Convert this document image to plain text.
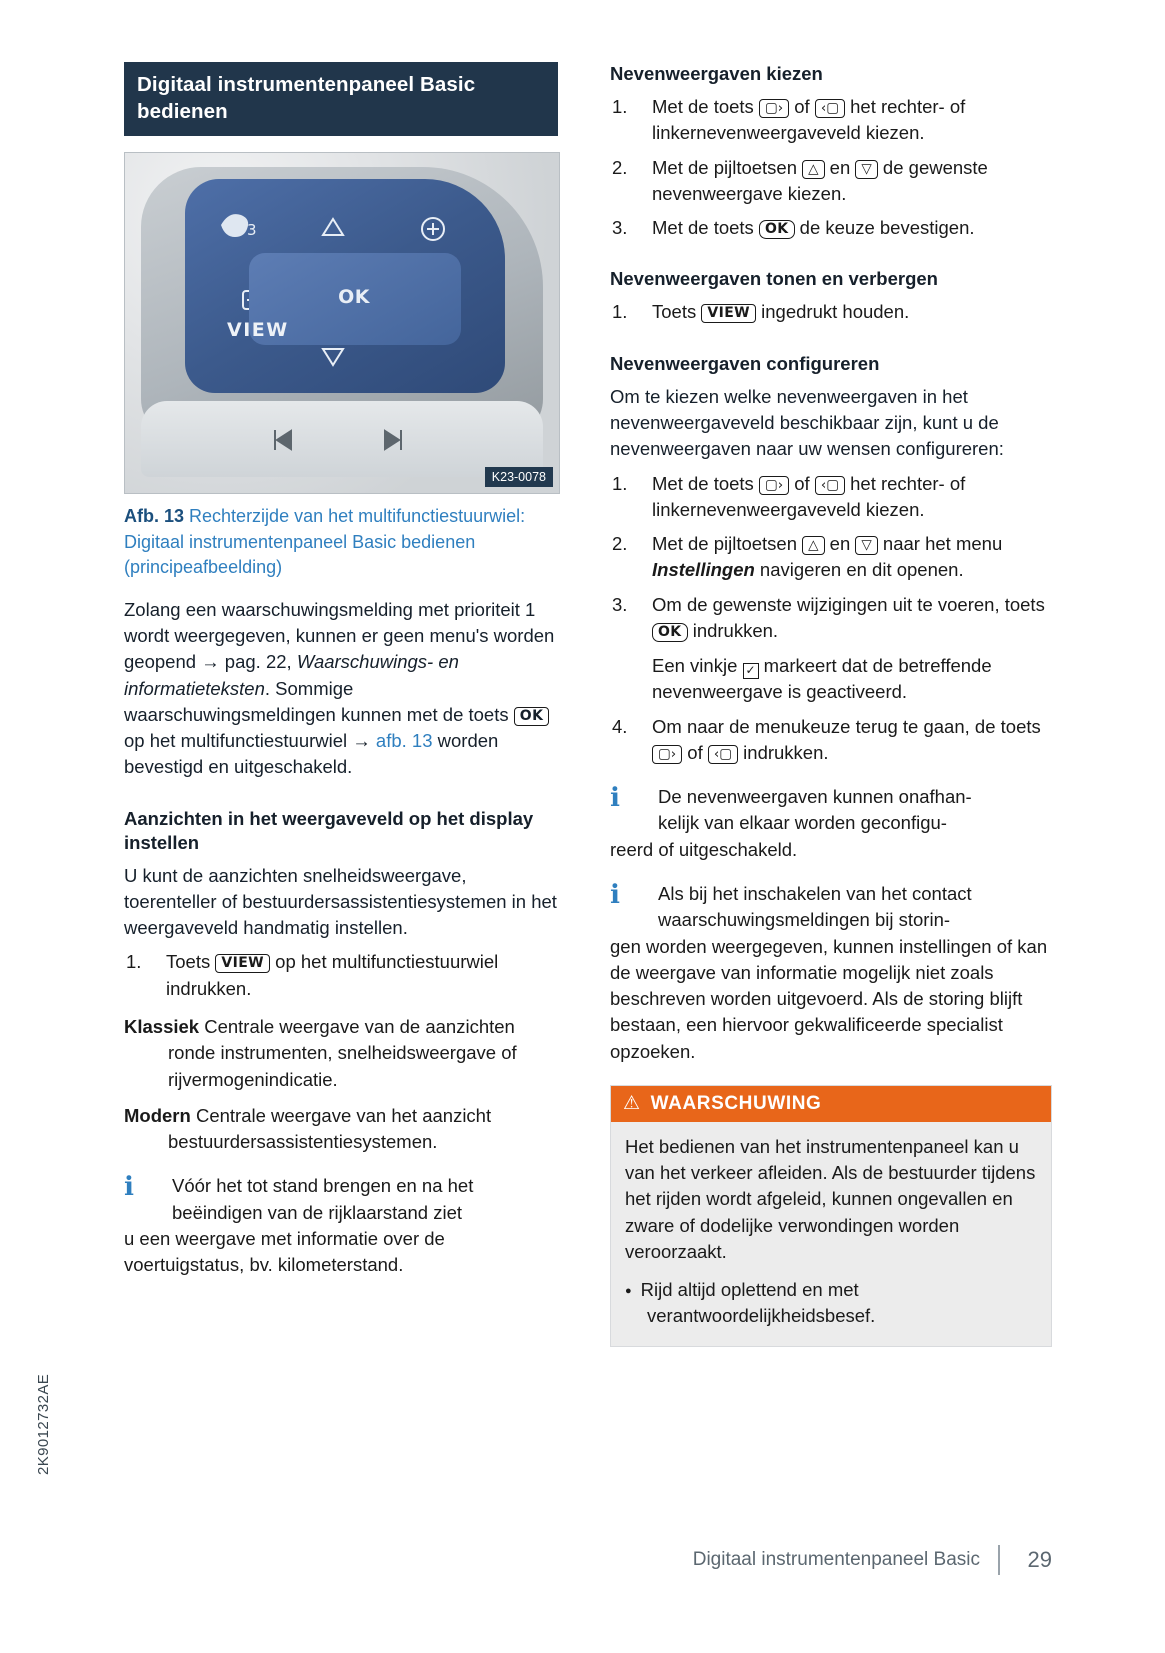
Digitaal instrumentenpaneel Basic bedienen
3
OK
VIEW
K23-0078
Afb. 13 Rechterzijde van het multifunctiestuurwiel: Digitaal instrumentenpaneel Basic bedienen (principeafbeelding)

Zolang een waarschuwingsmelding met prioriteit 1 wordt weergegeven, kunnen er geen menu's worden geopend → pag. 22, Waarschuwings- en informatieteksten. Sommige waarschuwingsmeldingen kunnen met de toets OK op het multifunctiestuurwiel → afb. 13 worden bevestigd en uitgeschakeld.

Aanzichten in het weergaveveld op het display instellen

U kunt de aanzichten snelheidsweergave, toerenteller of bestuurdersassistentiesystemen in het weergaveveld handmatig instellen.

Toets VIEW op het multifunctiestuurwiel indrukken.
Klassiek Centrale weergave van de aanzichten ronde instrumenten, snelheidsweergave of rijvermogenindicatie.
Modern Centrale weergave van het aanzicht bestuurdersassistentiesystemen.
ℹ	Vóór het tot stand brengen en na het

beëindigen van de rijklaarstand ziet

u een weergave met informatie over de voertuigstatus, bv. kilometerstand.

Nevenweergaven kiezen
Met de toets ▢› of ‹▢ het rechter- of linkernevenweergaveveld kiezen.
Met de pijltoetsen △ en ▽ de gewenste nevenweergave kiezen.
Met de toets OK de keuze bevestigen.
Nevenweergaven tonen en verbergen
Toets VIEW ingedrukt houden.
Nevenweergaven configureren

Om te kiezen welke nevenweergaven in het nevenweergaveveld beschikbaar zijn, kunt u de nevenweergaven naar uw wensen configureren:

Met de toets ▢› of ‹▢ het rechter- of linkernevenweergaveveld kiezen.
Met de pijltoetsen △ en ▽ naar het menu Instellingen navigeren en dit openen.
Om de gewenste wijzigingen uit te voeren, toets OK indrukken.
Een vinkje ✓ markeert dat de betreffende nevenweergave is geactiveerd.
Om naar de menukeuze terug te gaan, de toets ▢› of ‹▢ indrukken.
ℹ	De nevenweergaven kunnen onafhan-

kelijk van elkaar worden geconfigu-

reerd of uitgeschakeld.

ℹ	Als bij het inschakelen van het contact

waarschuwingsmeldingen bij storin-

gen worden weergegeven, kunnen instellingen of kan de weergave van informatie mogelijk niet zoals beschreven worden uitgevoerd. Als de storing blijft bestaan, een hiervoor gekwalificeerde specialist opzoeken.

⚠ WAARSCHUWING

Het bedienen van het instrumentenpaneel kan u van het verkeer afleiden. Als de bestuurder tijdens het rijden wordt afgeleid, kunnen ongevallen en zware of dodelijke verwondingen worden veroorzaakt.

● Rijd altijd oplettend en met verantwoordelijkheidsbesef.
Digitaal instrumentenpaneel Basic	29
2K9012732AE
